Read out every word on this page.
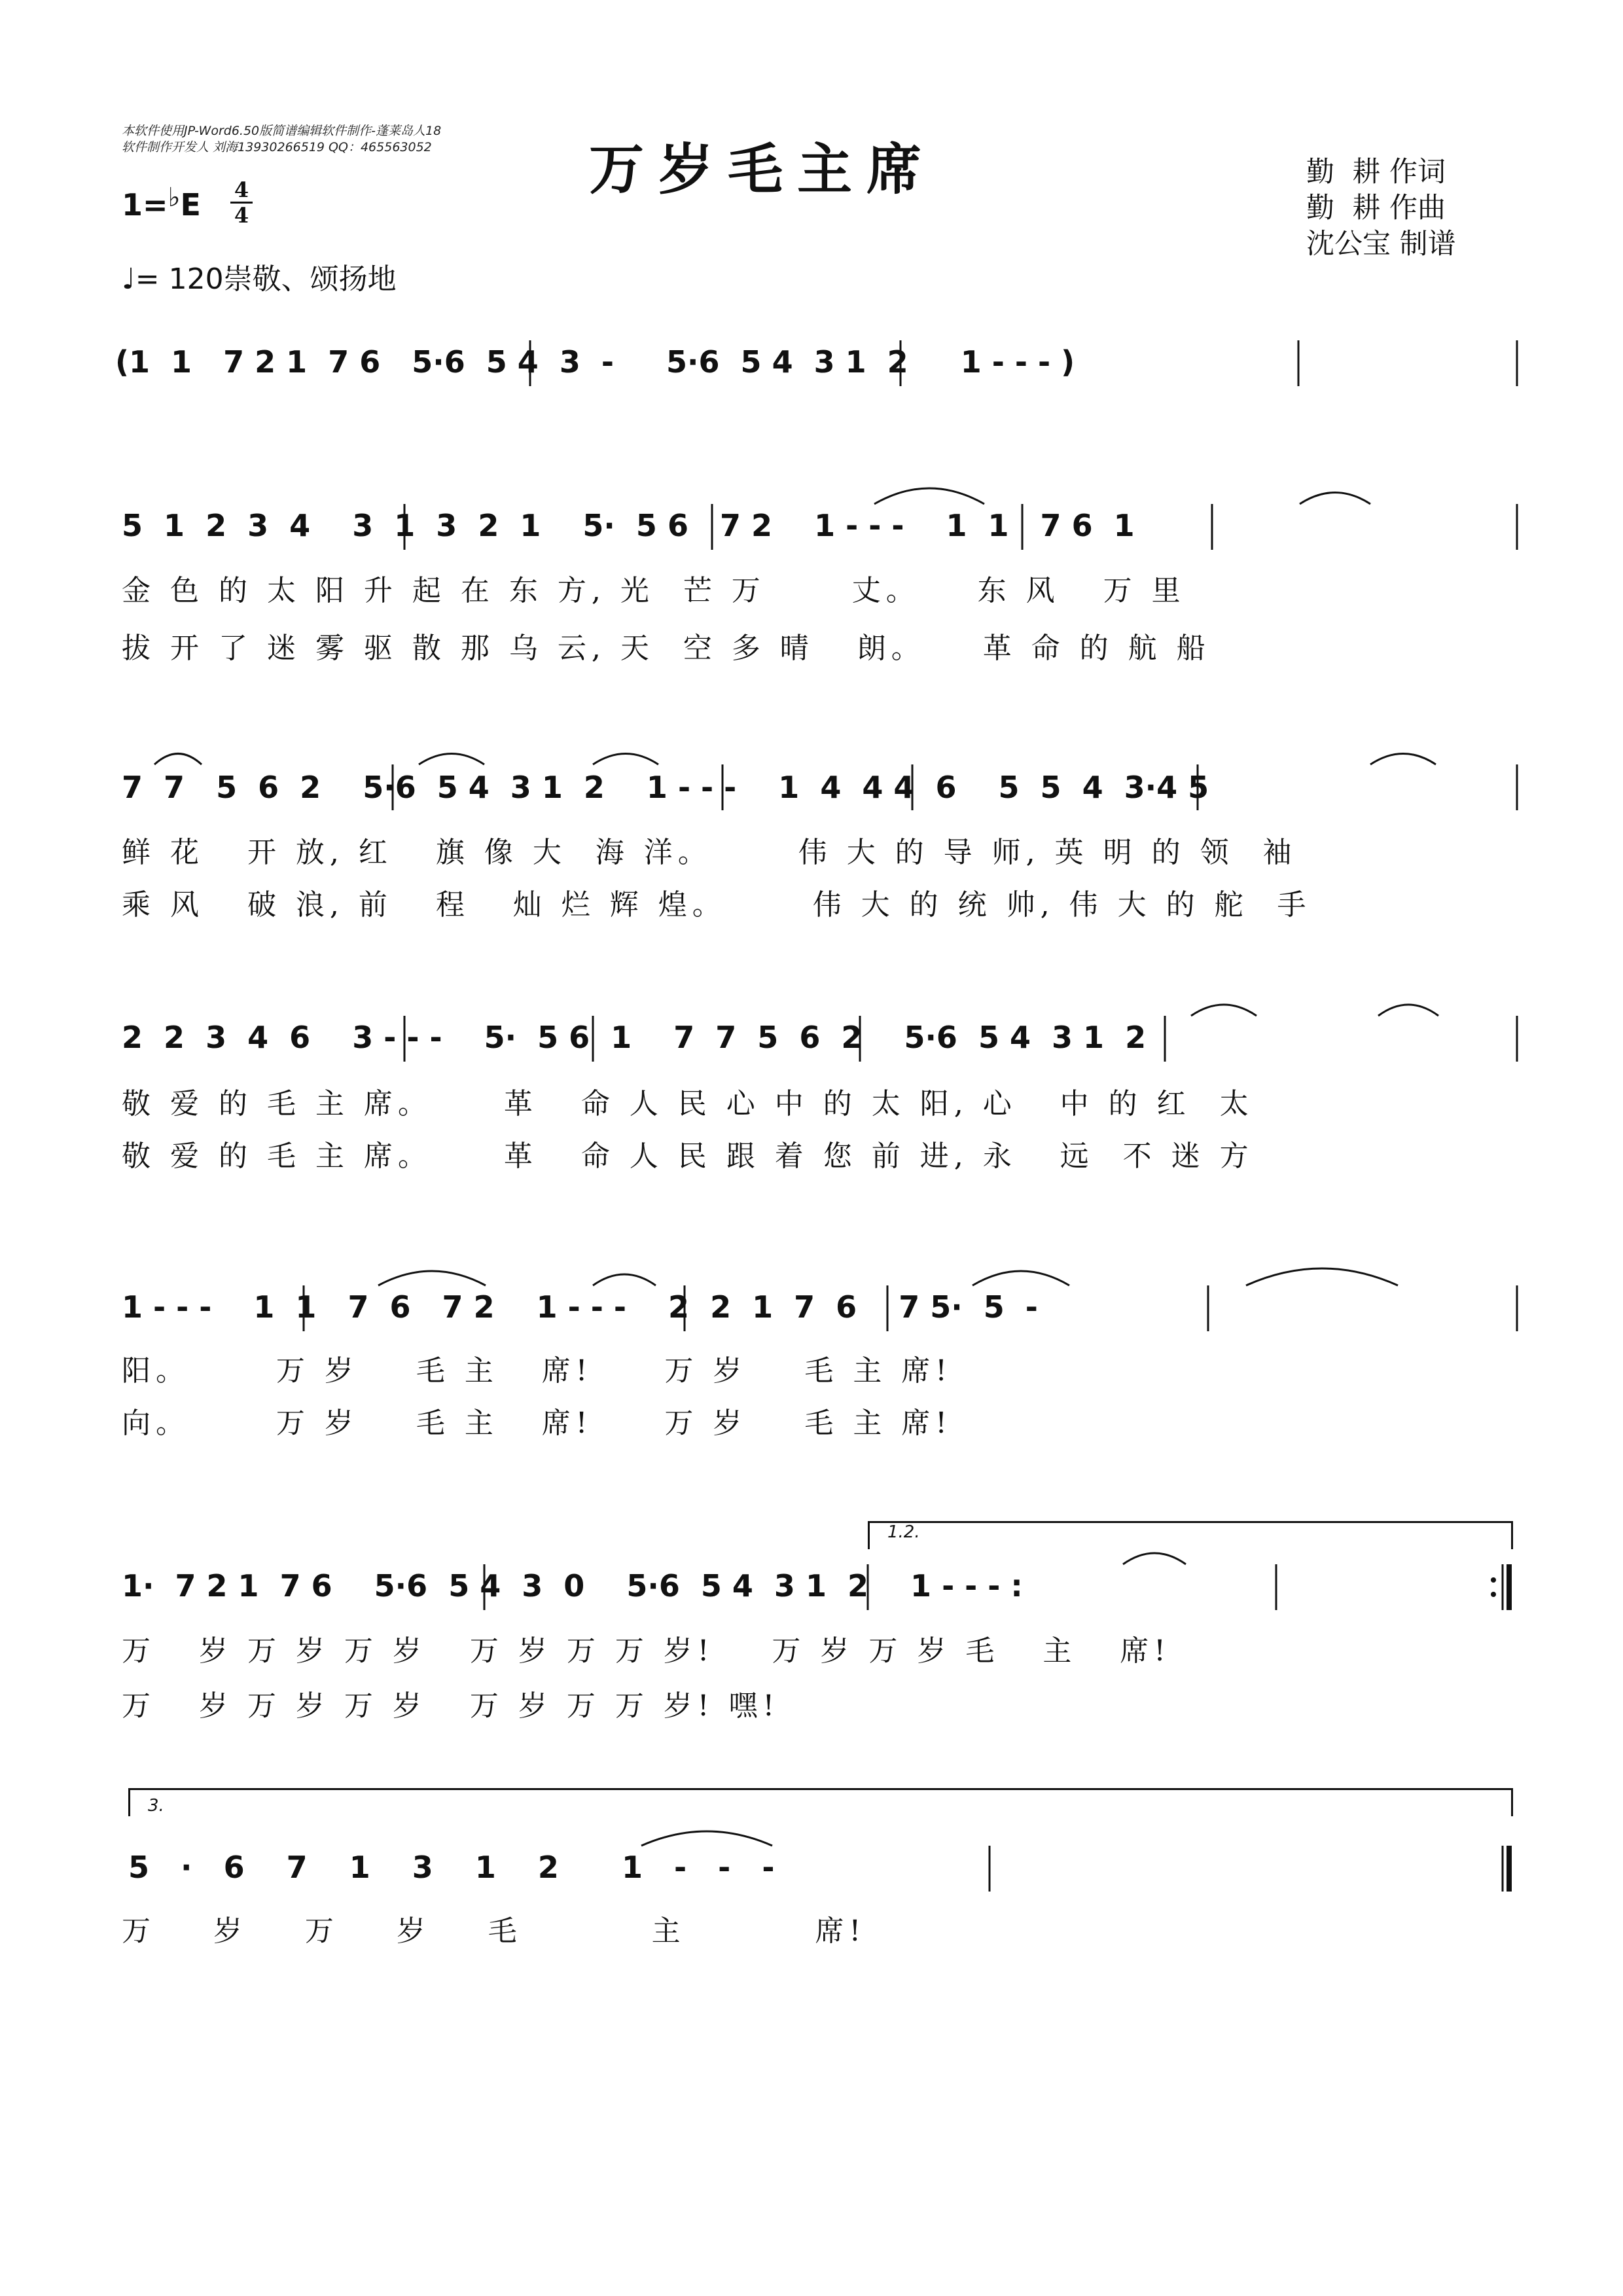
本软件使用JP-Word6.50版简谱编辑软件制作-蓬莱岛人18
软件制作开发人 刘海13930266519 QQ：465563052	万岁毛主席	勤  耕 作词
勤  耕 作曲
沈公宝 制谱
1=♭E 4
4
♩= 120崇敬、颂扬地
(1  1   7 2 1  7 6   5·6  5 4  3  -     5·6  5 4  3 1  2     1 - - - )
5  1  2  3  4    3  1  3  2  1    5·  5 6   7 2    1 - - -    1  1   7 6  1
金 色 的 太 阳 升 起 在 东 方, 光  芒 万      丈。    东 风   万 里
拔 开 了 迷 雾 驱 散 那 乌 云, 天  空 多 晴   朗。    革 命 的 航 船
7  7   5  6  2    5·6  5 4  3 1  2    1 - - -    1  4  4 4  6    5  5  4  3·4 5
鲜 花   开 放, 红   旗 像 大  海 洋。      伟 大 的 导 师, 英 明 的 领  袖
乘 风   破 浪, 前   程   灿 烂 辉 煌。      伟 大 的 统 帅, 伟 大 的 舵  手
2  2  3  4  6    3 - - -    5·  5 6  1    7  7  5  6  2    5·6  5 4  3 1  2
敬 爱 的 毛 主 席。     革   命 人 民 心 中 的 太 阳, 心   中 的 红  太
敬 爱 的 毛 主 席。     革   命 人 民 跟 着 您 前 进, 永   远  不 迷 方
1 - - -    1  1   7  6   7 2    1 - - -    2  2  1  7  6    7 5·  5  -
阳。      万 岁    毛 主   席!     万 岁    毛 主 席!
向。      万 岁    毛 主   席!     万 岁    毛 主 席!
1.2.
1·  7 2 1  7 6    5·6  5 4  3  0    5·6  5 4  3 1  2    1 - - - :
万   岁 万 岁 万 岁   万 岁 万 万 岁!    万 岁 万 岁 毛   主   席!
万   岁 万 岁 万 岁   万 岁 万 万 岁! 嘿!
3.
5   ·   6    7    1    3    1    2      1   -   -   -
万    岁    万    岁    毛         主         席!
